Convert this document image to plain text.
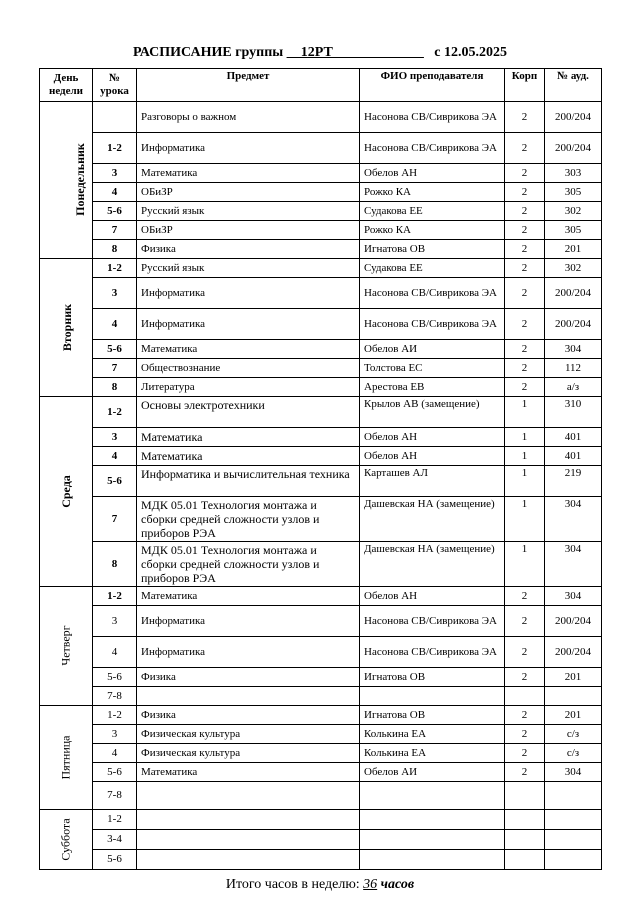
РАСПИСАНИЕ группы __12РТ_____________ с 12.05.2025
День недели	№ урока	Предмет	ФИО преподавателя	Корп	№ ауд.
Понедельник		Разговоры о важном	Насонова СВ/Сиврикова ЭА	2	200/204
	1-2	Информатика	Насонова СВ/Сиврикова ЭА	2	200/204
	3	Математика	Обелов АН	2	303
	4	ОБиЗР	Рожко КА	2	305
	5-6	Русский язык	Судакова ЕЕ	2	302
	7	ОБиЗР	Рожко КА	2	305
	8	Физика	Игнатова ОВ	2	201
Вторник	1-2	Русский язык	Судакова ЕЕ	2	302
	3	Информатика	Насонова СВ/Сиврикова ЭА	2	200/204
	4	Информатика	Насонова СВ/Сиврикова ЭА	2	200/204
	5-6	Математика	Обелов АИ	2	304
	7	Обществознание	Толстова ЕС	2	112
	8	Литература	Арестова ЕВ	2	а/з
Среда	1-2	Основы электротехники	Крылов АВ (замещение)	1	310
	3	Математика	Обелов АН	1	401
	4	Математика	Обелов АН	1	401
	5-6	Информатика и вычислительная техника	Карташев АЛ	1	219
	7	МДК 05.01 Технология монтажа и сборки средней сложности узлов и приборов РЭА	Дашевская НА (замещение)	1	304
	8	МДК 05.01 Технология монтажа и сборки средней сложности узлов и приборов РЭА	Дашевская НА (замещение)	1	304
Четверг	1-2	Математика	Обелов АН	2	304
	3	Информатика	Насонова СВ/Сиврикова ЭА	2	200/204
	4	Информатика	Насонова СВ/Сиврикова ЭА	2	200/204
	5-6	Физика	Игнатова ОВ	2	201
	7-8				
Пятница	1-2	Физика	Игнатова ОВ	2	201
	3	Физическая культура	Колькина ЕА	2	с/з
	4	Физическая культура	Колькина ЕА	2	с/з
	5-6	Математика	Обелов АИ	2	304
	7-8				
Суббота	1-2				
	3-4				
	5-6				
Итого часов в неделю: 36 часов
